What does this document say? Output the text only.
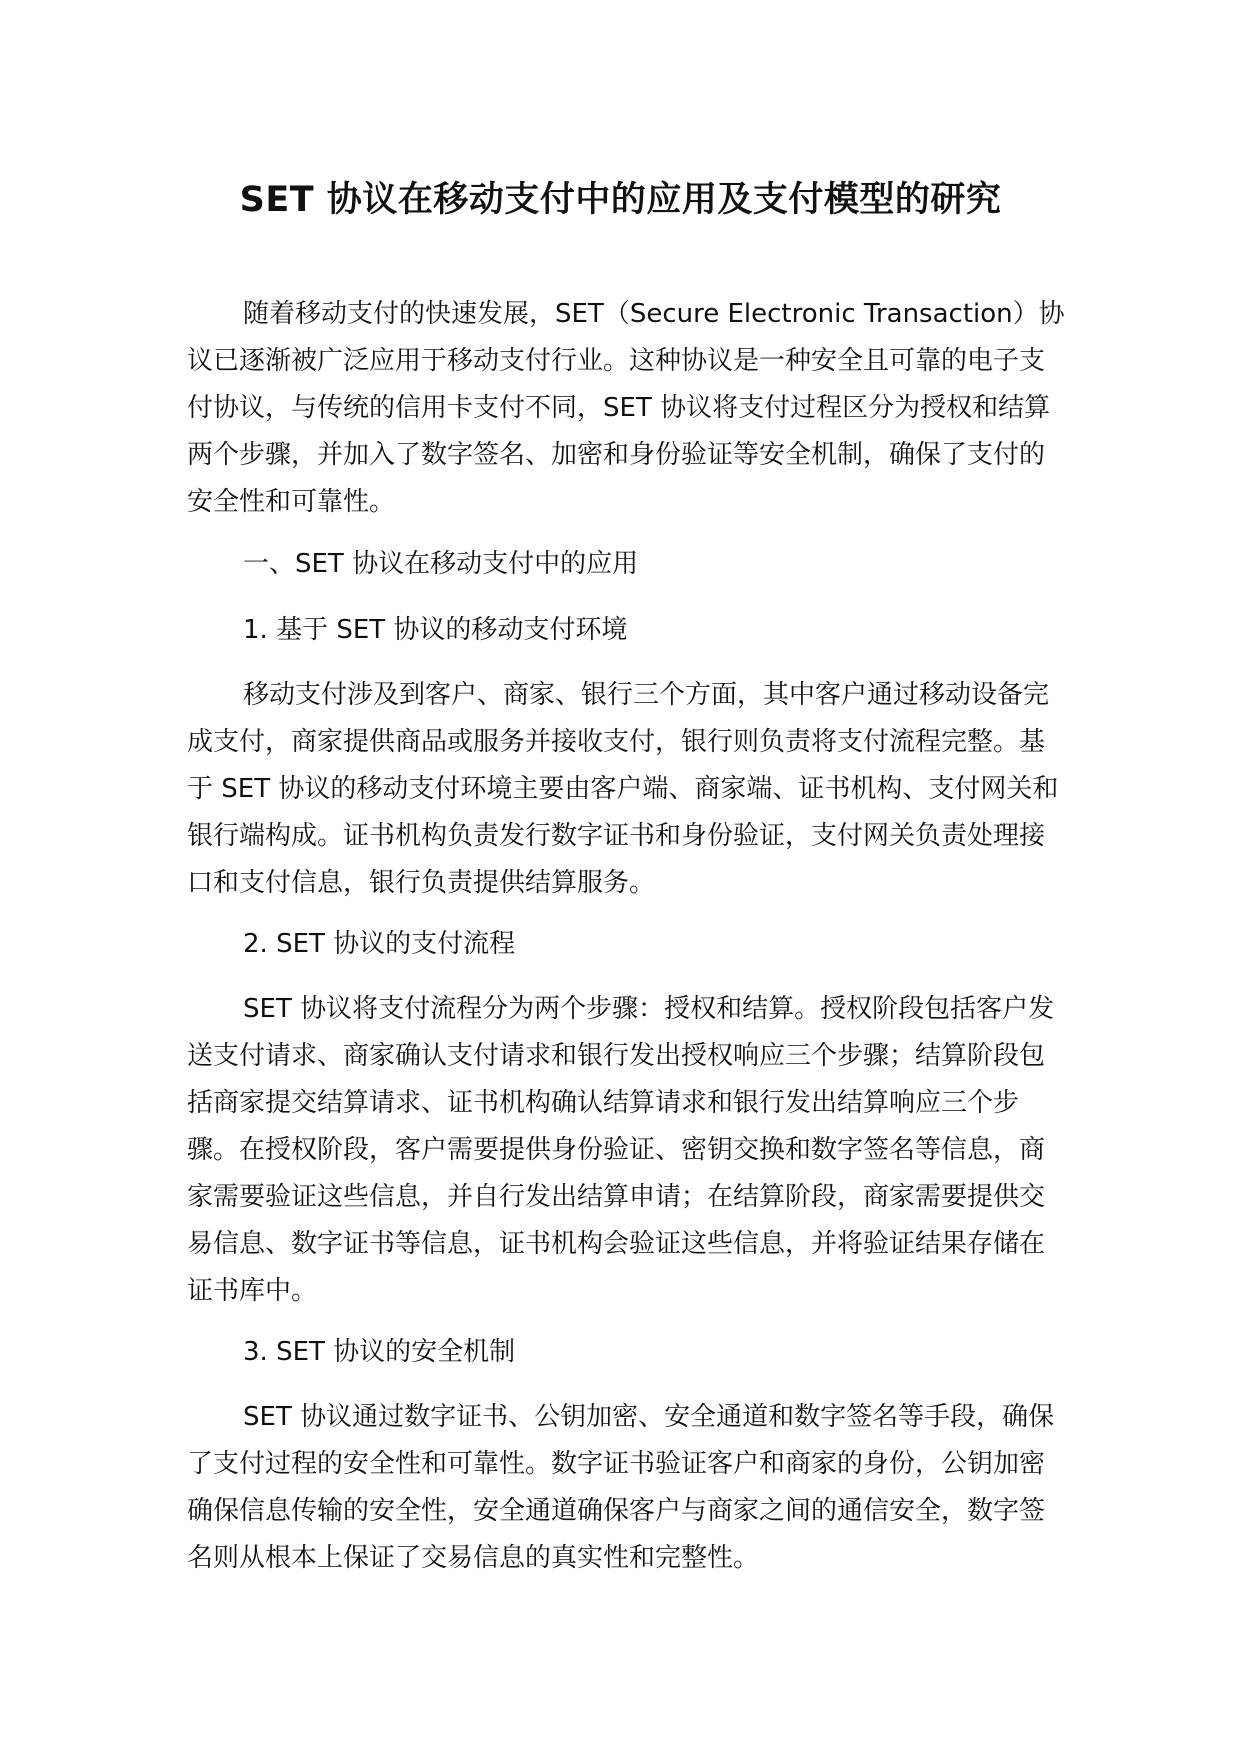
SET 协议在移动支付中的应用及支付模型的研究
随着移动支付的快速发展，SET（Secure Electronic Transaction）协议已逐渐被广泛应用于移动支付行业。这种协议是一种安全且可靠的电子支付协议，与传统的信用卡支付不同，SET 协议将支付过程区分为授权和结算两个步骤，并加入了数字签名、加密和身份验证等安全机制，确保了支付的安全性和可靠性。
一、SET 协议在移动支付中的应用
1. 基于 SET 协议的移动支付环境
移动支付涉及到客户、商家、银行三个方面，其中客户通过移动设备完成支付，商家提供商品或服务并接收支付，银行则负责将支付流程完整。基于 SET 协议的移动支付环境主要由客户端、商家端、证书机构、支付网关和银行端构成。证书机构负责发行数字证书和身份验证，支付网关负责处理接口和支付信息，银行负责提供结算服务。
2. SET 协议的支付流程
SET 协议将支付流程分为两个步骤：授权和结算。授权阶段包括客户发送支付请求、商家确认支付请求和银行发出授权响应三个步骤；结算阶段包括商家提交结算请求、证书机构确认结算请求和银行发出结算响应三个步骤。在授权阶段，客户需要提供身份验证、密钥交换和数字签名等信息，商家需要验证这些信息，并自行发出结算申请；在结算阶段，商家需要提供交易信息、数字证书等信息，证书机构会验证这些信息，并将验证结果存储在证书库中。
3. SET 协议的安全机制
SET 协议通过数字证书、公钥加密、安全通道和数字签名等手段，确保了支付过程的安全性和可靠性。数字证书验证客户和商家的身份，公钥加密确保信息传输的安全性，安全通道确保客户与商家之间的通信安全，数字签名则从根本上保证了交易信息的真实性和完整性。
